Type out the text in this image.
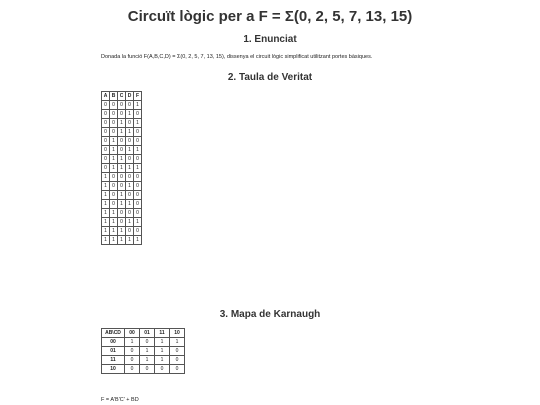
Circuït lògic per a F = Σ(0, 2, 5, 7, 13, 15)
1. Enunciat

Donada la funció F(A,B,C,D) = Σ(0, 2, 5, 7, 13, 15), dissenya el circuit lògic simplificat utilitzant portes bàsiques.

2. Taula de Veritat
A	B	C	D	F
0	0	0	0	1
0	0	0	1	0
0	0	1	0	1
0	0	1	1	0
0	1	0	0	0
0	1	0	1	1
0	1	1	0	0
0	1	1	1	1
1	0	0	0	0
1	0	0	1	0
1	0	1	0	0
1	0	1	1	0
1	1	0	0	0
1	1	0	1	1
1	1	1	0	0
1	1	1	1	1
3. Mapa de Karnaugh
AB\CD	00	01	11	10
00	1	0	1	1
01	0	1	1	0
11	0	1	1	0
10	0	0	0	0

F = A'B'C' + BD
